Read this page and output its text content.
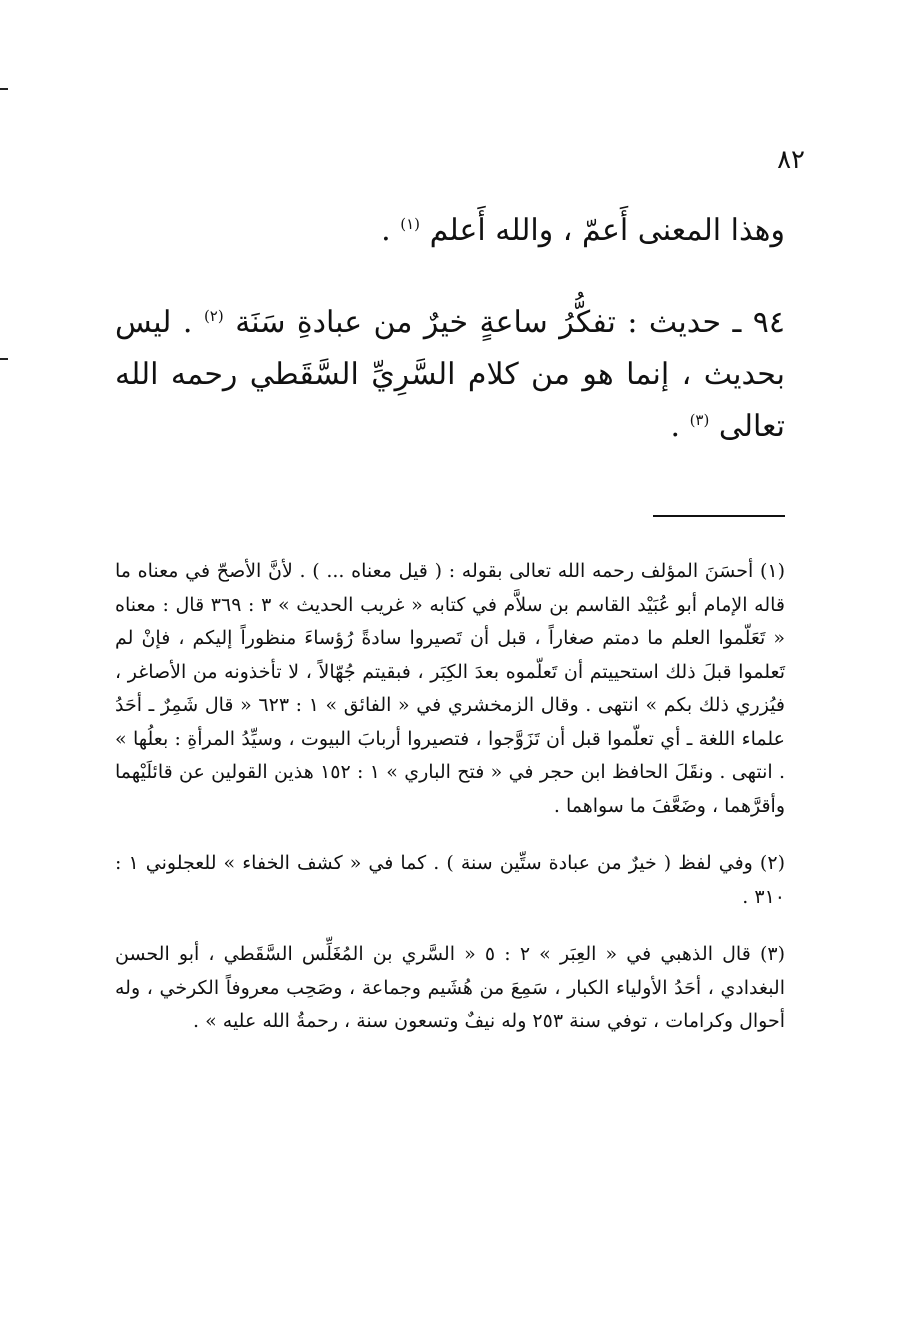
٨٢

وهذا المعنى أَعمّ ، والله أَعلم $^{(١)}$ .

٩٤ ـ حديث : تفكُّرُ ساعةٍ خيرٌ من عبادةِ سَنَة $^{(٢)}$ . ليس بحديث ، إنما هو من كلام السَّرِيِّ السَّقَطي رحمه الله تعالى $^{(٣)}$ .

(١) أحسَنَ المؤلف رحمه الله تعالى بقوله : ( قيل معناه ... ) . لأنَّ الأصحّ في معناه ما قاله الإمام أبو عُبَيْد القاسم بن سلاَّم في كتابه « غريب الحديث » ٣ : ٣٦٩ قال : معناه « تَعَلّموا العلم ما دمتم صغاراً ، قبل أن تَصيروا سادةً رُؤساءَ منظوراً إليكم ، فإنْ لم تَعلموا قبلَ ذلك استحييتم أن تَعلّموه بعدَ الكِبَر ، فبقيتم جُهّالاً ، لا تأخذونه من الأصاغر ، فيُزري ذلك بكم » انتهى . وقال الزمخشري في « الفائق » ١ : ٦٢٣ « قال شَمِرٌ ـ أحَدُ علماء اللغة ـ أي تعلّموا قبل أن تَزَوَّجوا ، فتصيروا أربابَ البيوت ، وسيِّدُ المرأةِ : بعلُها » . انتهى . ونقَلَ الحافظ ابن حجر في « فتح الباري » ١ : ١٥٢ هذين القولين عن قائلَيْهما وأقرَّهما ، وضَعَّفَ ما سواهما .

(٢) وفي لفظ ( خيرٌ من عبادة ستِّين سنة ) . كما في « كشف الخفاء » للعجلوني ١ : ٣١٠ .

(٣) قال الذهبي في « العِبَر » ٢ : ٥ « السَّري بن المُغَلِّس السَّقَطي ، أبو الحسن البغدادي ، أحَدُ الأولياء الكبار ، سَمِعَ من هُشَيم وجماعة ، وصَحِب معروفاً الكرخي ، وله أحوال وكرامات ، توفي سنة ٢٥٣ وله نيفٌ وتسعون سنة ، رحمةُ الله عليه » .
